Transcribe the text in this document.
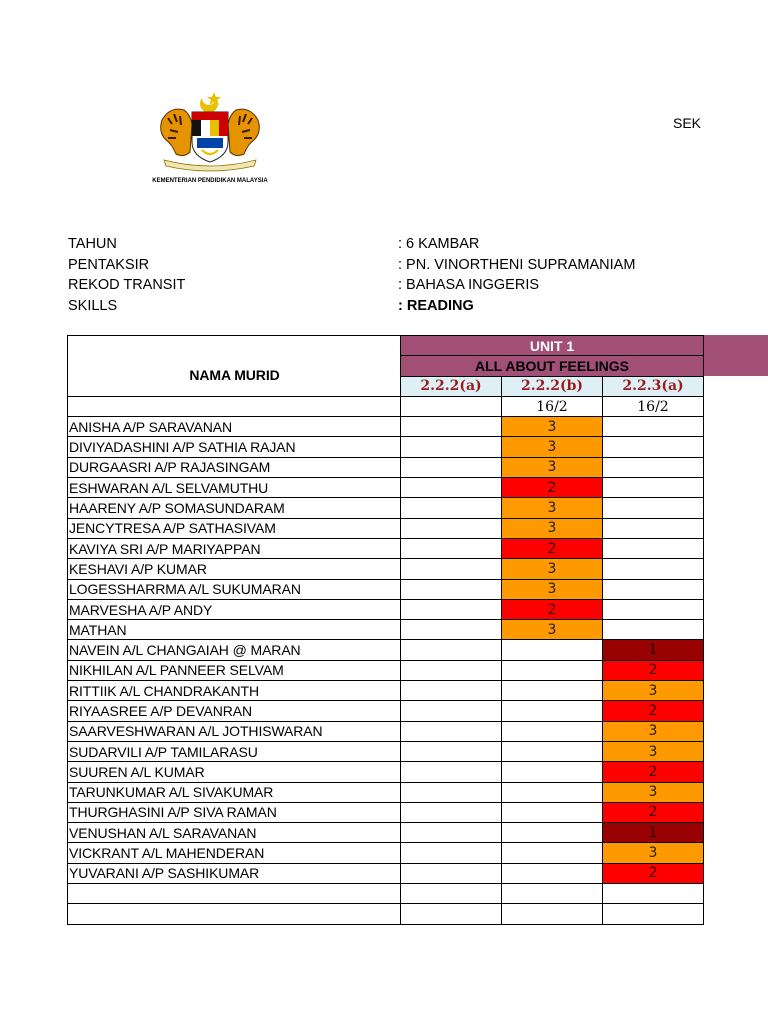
KEMENTERIAN PENDIDIKAN MALAYSIA
SEK
TAHUN	: 6 KAMBAR
PENTAKSIR	: PN. VINORTHENI SUPRAMANIAM
REKOD TRANSIT	: BAHASA INGGERIS
SKILLS	: READING
NAMA MURID	UNIT 1		
	ALL ABOUT FEELINGS		
	2.2.2(a)	2.2.2(b)	2.2.3(a)
		16/2	16/2
ANISHA A/P SARAVANAN		3	
DIVIYADASHINI A/P SATHIA RAJAN		3	
DURGAASRI A/P RAJASINGAM		3	
ESHWARAN A/L SELVAMUTHU		2	
HAARENY A/P SOMASUNDARAM		3	
JENCYTRESA A/P SATHASIVAM		3	
KAVIYA SRI A/P MARIYAPPAN		2	
KESHAVI A/P KUMAR		3	
LOGESSHARRMA A/L SUKUMARAN		3	
MARVESHA A/P ANDY		2	
MATHAN		3	
NAVEIN A/L CHANGAIAH @ MARAN			1
NIKHILAN A/L PANNEER SELVAM			2
RITTIIK A/L CHANDRAKANTH			3
RIYAASREE A/P DEVANRAN			2
SAARVESHWARAN A/L JOTHISWARAN			3
SUDARVILI A/P TAMILARASU			3
SUUREN A/L KUMAR			2
TARUNKUMAR A/L SIVAKUMAR			3
THURGHASINI A/P SIVA RAMAN			2
VENUSHAN A/L SARAVANAN			1
VICKRANT A/L MAHENDERAN			3
YUVARANI A/P SASHIKUMAR			2
